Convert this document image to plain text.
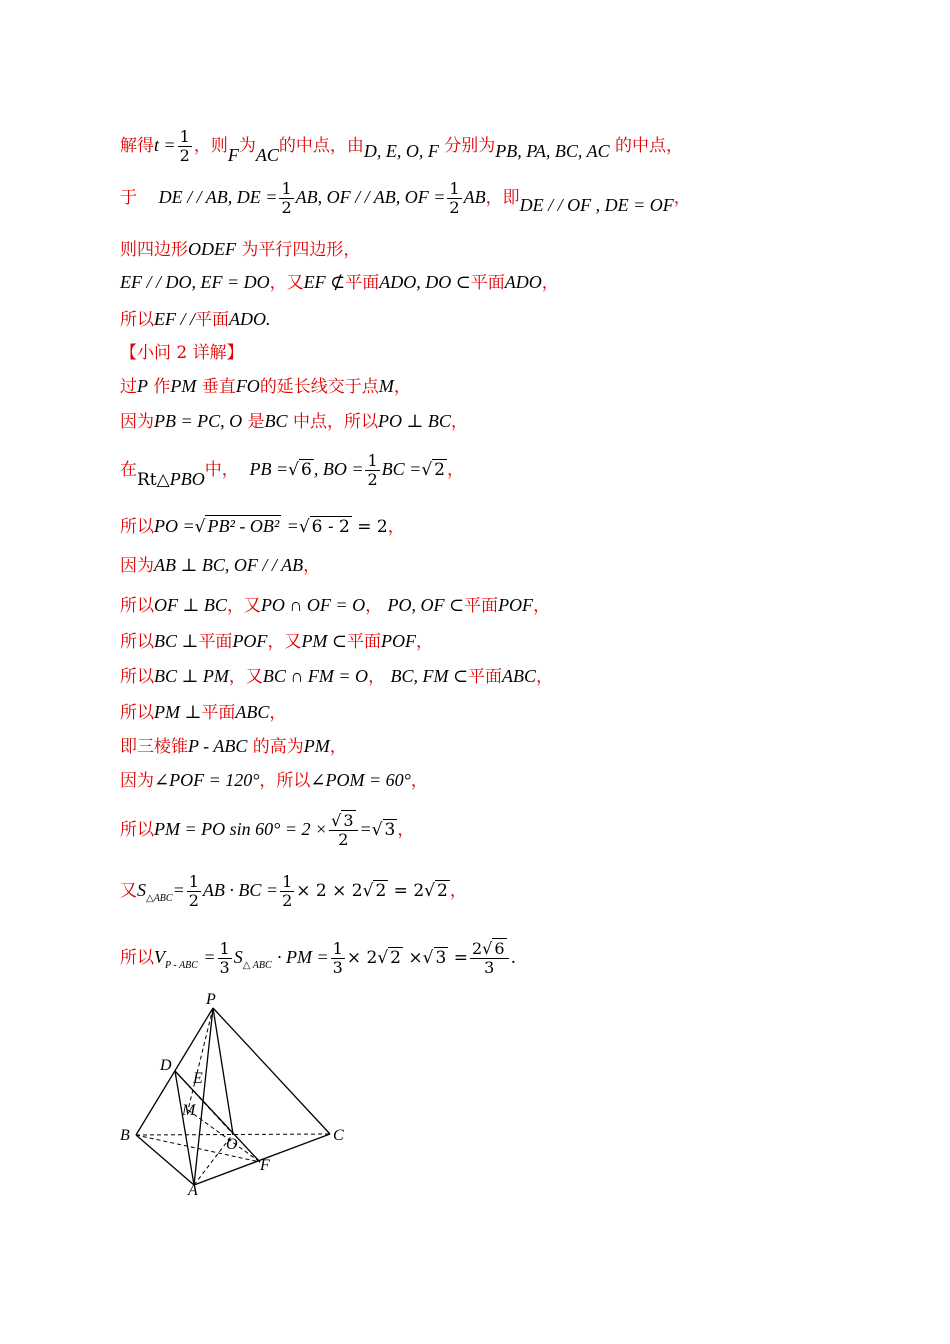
解得$t = \frac{1}{2}$ ，则F为AC的中点，由D, E, O, F 分别为PB, PA, BC, AC 的中点，
于 DE / / AB, DE = $\frac{1}{2}$ AB, OF / / AB, OF = $\frac{1}{2}$ AB，即DE / / OF , DE = OF，
则四边形ODEF 为平行四边形，
EF / / DO, EF = DO，又EF ⊄平面ADO, DO ⊂平面ADO，
所以EF / /平面ADO.
【小问 2 详解】
过P 作PM 垂直FO的延长线交于点M，
因为PB = PC, O 是BC 中点，所以PO ⊥ BC，
在Rt△PBO中， PB =√ 6 , BO = $\frac{1}{2}$ BC =√ 2 ，
所以PO =√ PB² - OB² =√ 6 - 2 = 2，
因为AB ⊥ BC, OF / / AB，
所以OF ⊥ BC，又PO ∩ OF = O， PO, OF ⊂平面POF，
所以BC ⊥平面POF，又PM ⊂平面POF，
所以BC ⊥ PM，又BC ∩ FM = O， BC, FM ⊂平面ABC，
所以PM ⊥平面ABC，
即三棱锥P - ABC 的高为PM，
因为∠POF = 120°，所以∠POM = 60°，
所以PM = PO $\sin 60^\circ = 2 \times \frac{√ 3}{2}$ =√ 3 ，
又$S_{\triangle ABC}= \frac{1}{2}$ AB · BC = $\frac{1}{2} \times 2 \times 2√$ 2 = 2√ 2 ，
所以$V_{P - ABC} = \frac{1}{3} S_{\triangle ABC}$ · PM = $\frac{1}{3} \times 2√$ 2 ×√ $3 = \frac{2√ 6}{3}$ .
P
D
E
M
B
O
C
F
A
